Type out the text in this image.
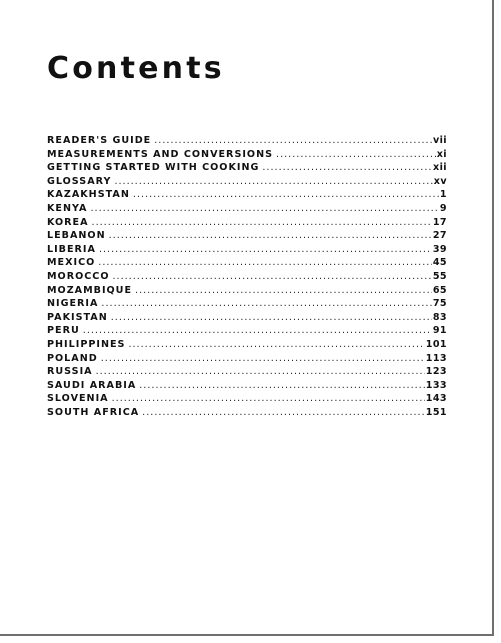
Contents
READER'S GUIDE .....	vii
MEASUREMENTS AND CONVERSIONS .....	xi
GETTING STARTED WITH COOKING .....	xii
GLOSSARY .....	xv
KAZAKHSTAN .....	1
KENYA .....	9
KOREA .....	17
LEBANON .....	27
LIBERIA .....	39
MEXICO .....	45
MOROCCO .....	55
MOZAMBIQUE .....	65
NIGERIA .....	75
PAKISTAN .....	83
PERU .....	91
PHILIPPINES .....	101
POLAND .....	113
RUSSIA .....	123
SAUDI ARABIA .....	133
SLOVENIA .....	143
SOUTH AFRICA .....	151
